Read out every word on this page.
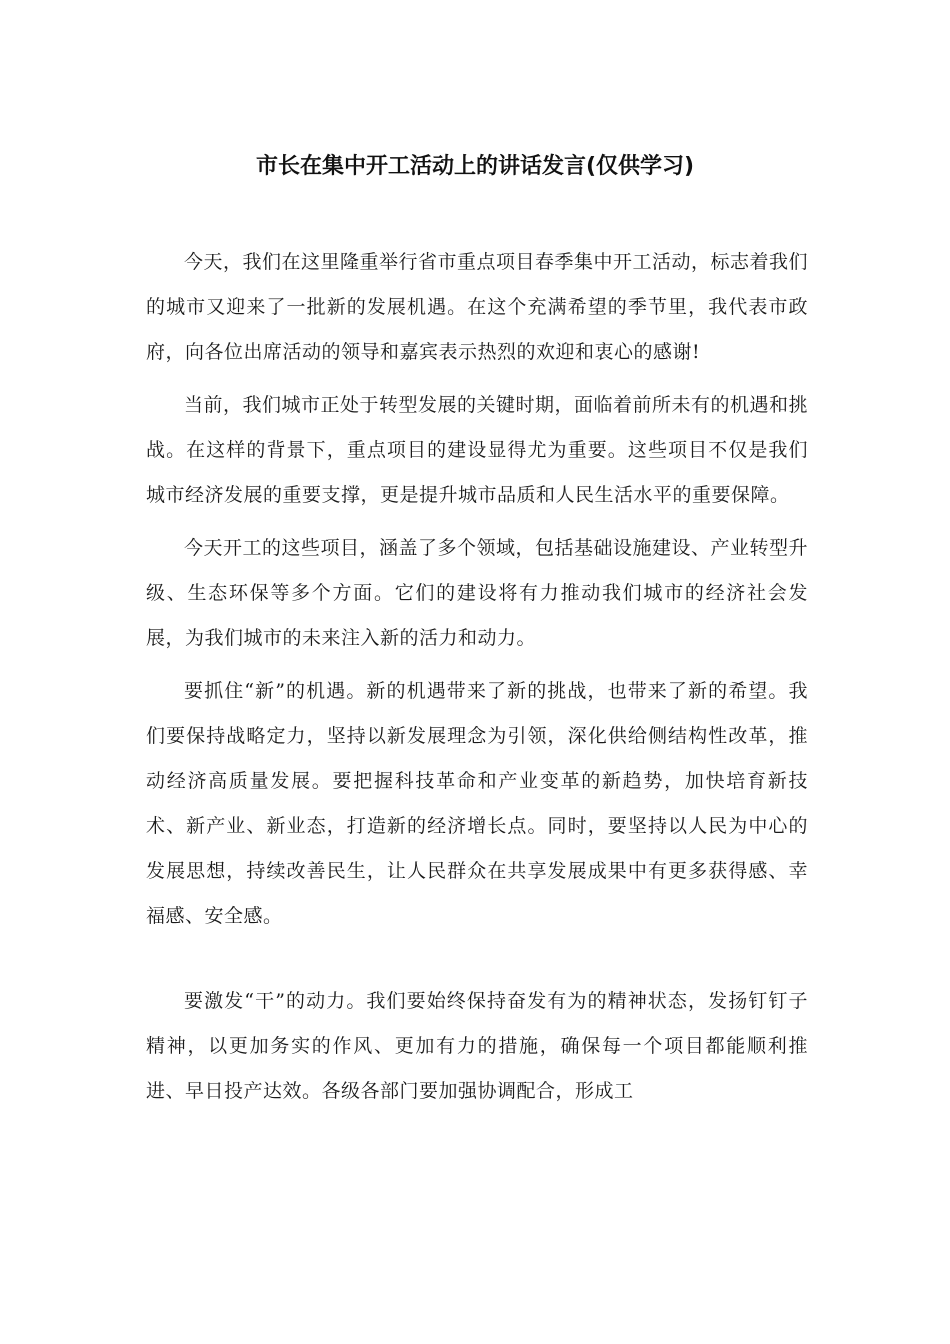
市长在集中开工活动上的讲话发言(仅供学习)

今天，我们在这里隆重举行省市重点项目春季集中开工活动，标志着我们的城市又迎来了一批新的发展机遇。在这个充满希望的季节里，我代表市政府，向各位出席活动的领导和嘉宾表示热烈的欢迎和衷心的感谢!

当前，我们城市正处于转型发展的关键时期，面临着前所未有的机遇和挑战。在这样的背景下，重点项目的建设显得尤为重要。这些项目不仅是我们城市经济发展的重要支撑，更是提升城市品质和人民生活水平的重要保障。

今天开工的这些项目，涵盖了多个领域，包括基础设施建设、产业转型升级、生态环保等多个方面。它们的建设将有力推动我们城市的经济社会发展，为我们城市的未来注入新的活力和动力。

要抓住“新”的机遇。新的机遇带来了新的挑战，也带来了新的希望。我们要保持战略定力，坚持以新发展理念为引领，深化供给侧结构性改革，推动经济高质量发展。要把握科技革命和产业变革的新趋势，加快培育新技术、新产业、新业态，打造新的经济增长点。同时，要坚持以人民为中心的发展思想，持续改善民生，让人民群众在共享发展成果中有更多获得感、幸福感、安全感。

要激发“干”的动力。我们要始终保持奋发有为的精神状态，发扬钉钉子精神，以更加务实的作风、更加有力的措施，确保每一个项目都能顺利推进、早日投产达效。各级各部门要加强协调配合，形成工
